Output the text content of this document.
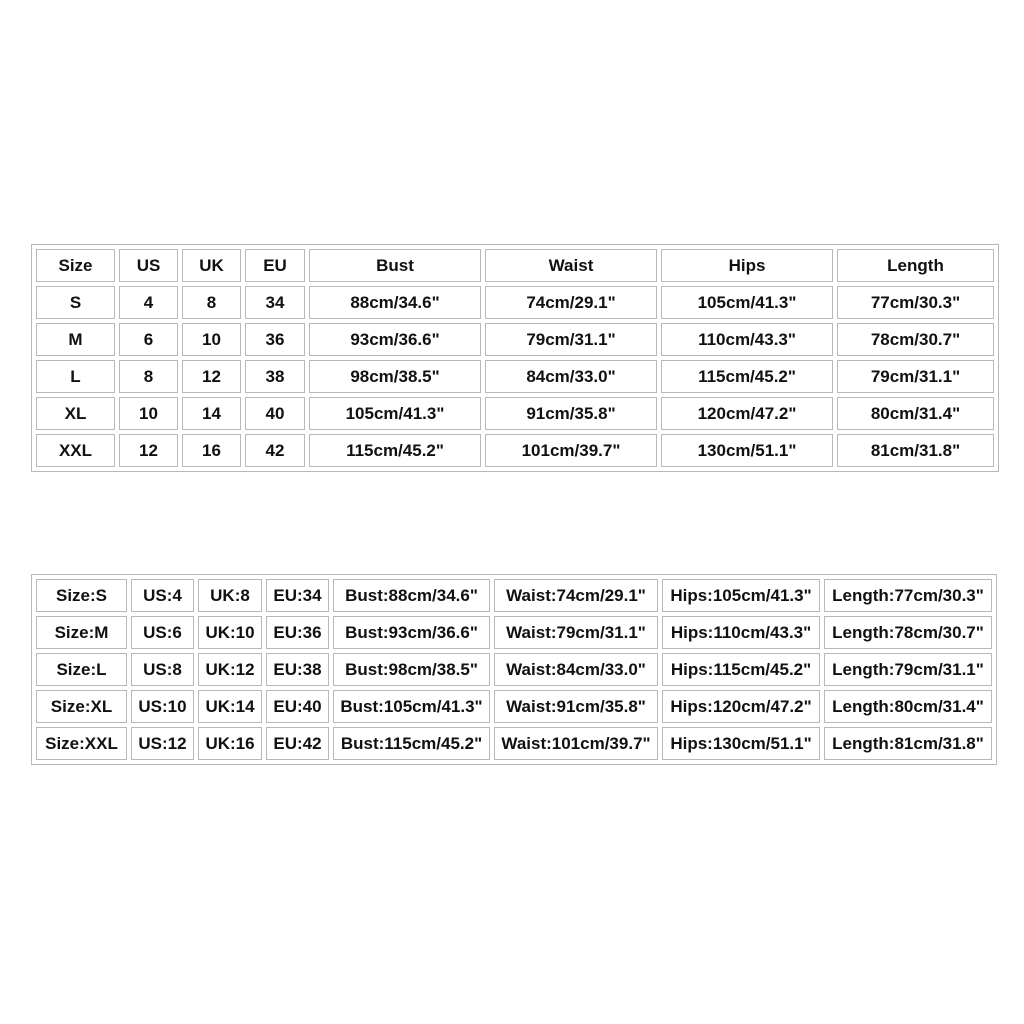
Size	US	UK	EU	Bust	Waist	Hips	Length
S	4	8	34	88cm/34.6"	74cm/29.1"	105cm/41.3"	77cm/30.3"
M	6	10	36	93cm/36.6"	79cm/31.1"	110cm/43.3"	78cm/30.7"
L	8	12	38	98cm/38.5"	84cm/33.0"	115cm/45.2"	79cm/31.1"
XL	10	14	40	105cm/41.3"	91cm/35.8"	120cm/47.2"	80cm/31.4"
XXL	12	16	42	115cm/45.2"	101cm/39.7"	130cm/51.1"	81cm/31.8"
Size:S	US:4	UK:8	EU:34	Bust:88cm/34.6"	Waist:74cm/29.1"	Hips:105cm/41.3"	Length:77cm/30.3"
Size:M	US:6	UK:10	EU:36	Bust:93cm/36.6"	Waist:79cm/31.1"	Hips:110cm/43.3"	Length:78cm/30.7"
Size:L	US:8	UK:12	EU:38	Bust:98cm/38.5"	Waist:84cm/33.0"	Hips:115cm/45.2"	Length:79cm/31.1"
Size:XL	US:10	UK:14	EU:40	Bust:105cm/41.3"	Waist:91cm/35.8"	Hips:120cm/47.2"	Length:80cm/31.4"
Size:XXL	US:12	UK:16	EU:42	Bust:115cm/45.2"	Waist:101cm/39.7"	Hips:130cm/51.1"	Length:81cm/31.8"
